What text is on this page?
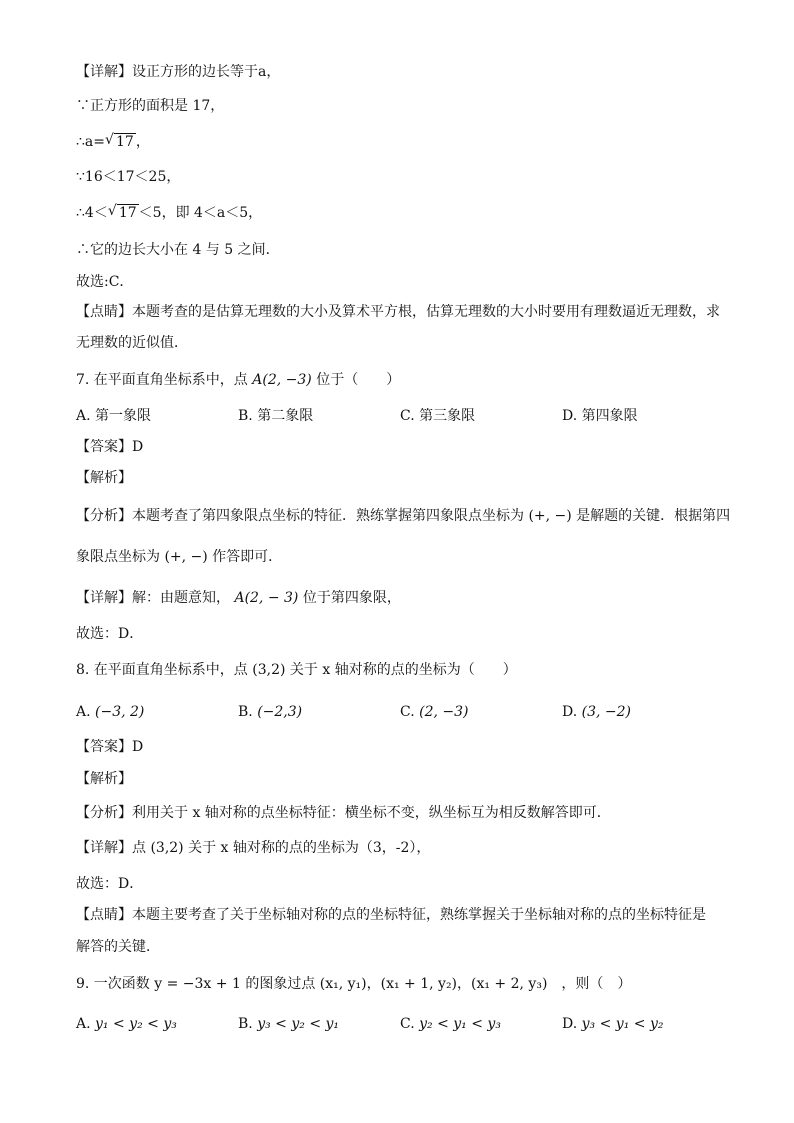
【详解】设正方形的边长等于a，
∵正方形的面积是 17，
∴a= √ 17 ，
∵16＜17＜25，
∴4＜ √ 17 ＜5，即 4＜a＜5，
∴它的边长大小在 4 与 5 之间．
故选:C．
【点睛】本题考查的是估算无理数的大小及算术平方根，估算无理数的大小时要用有理数逼近无理数，求
无理数的近似值．
7. 在平面直角坐标系中，点 A(2, −3) 位于（　　）
A. 第一象限	B. 第二象限	C. 第三象限	D. 第四象限
【答案】D
【解析】
【分析】本题考查了第四象限点坐标的特征．熟练掌握第四象限点坐标为 (+, −) 是解题的关键．根据第四
象限点坐标为 (+, −) 作答即可．
【详解】解：由题意知， A(2, − 3) 位于第四象限，
故选：D．
8. 在平面直角坐标系中，点 (3,2) 关于 x 轴对称的点的坐标为（　　）
A. (−3, 2)	B. (−2,3)	C. (2, −3)	D. (3, −2)
【答案】D
【解析】
【分析】利用关于 x 轴对称的点坐标特征：横坐标不变，纵坐标互为相反数解答即可．
【详解】点 (3,2) 关于 x 轴对称的点的坐标为（3，-2），
故选：D．
【点睛】本题主要考查了关于坐标轴对称的点的坐标特征，熟练掌握关于坐标轴对称的点的坐标特征是
解答的关键．
9. 一次函数 y = −3x + 1 的图象过点 (x₁, y₁)，(x₁ + 1, y₂)，(x₁ + 2, y₃)　，则（　）
A. y₁ < y₂ < y₃	B. y₃ < y₂ < y₁	C. y₂ < y₁ < y₃	D. y₃ < y₁ < y₂
